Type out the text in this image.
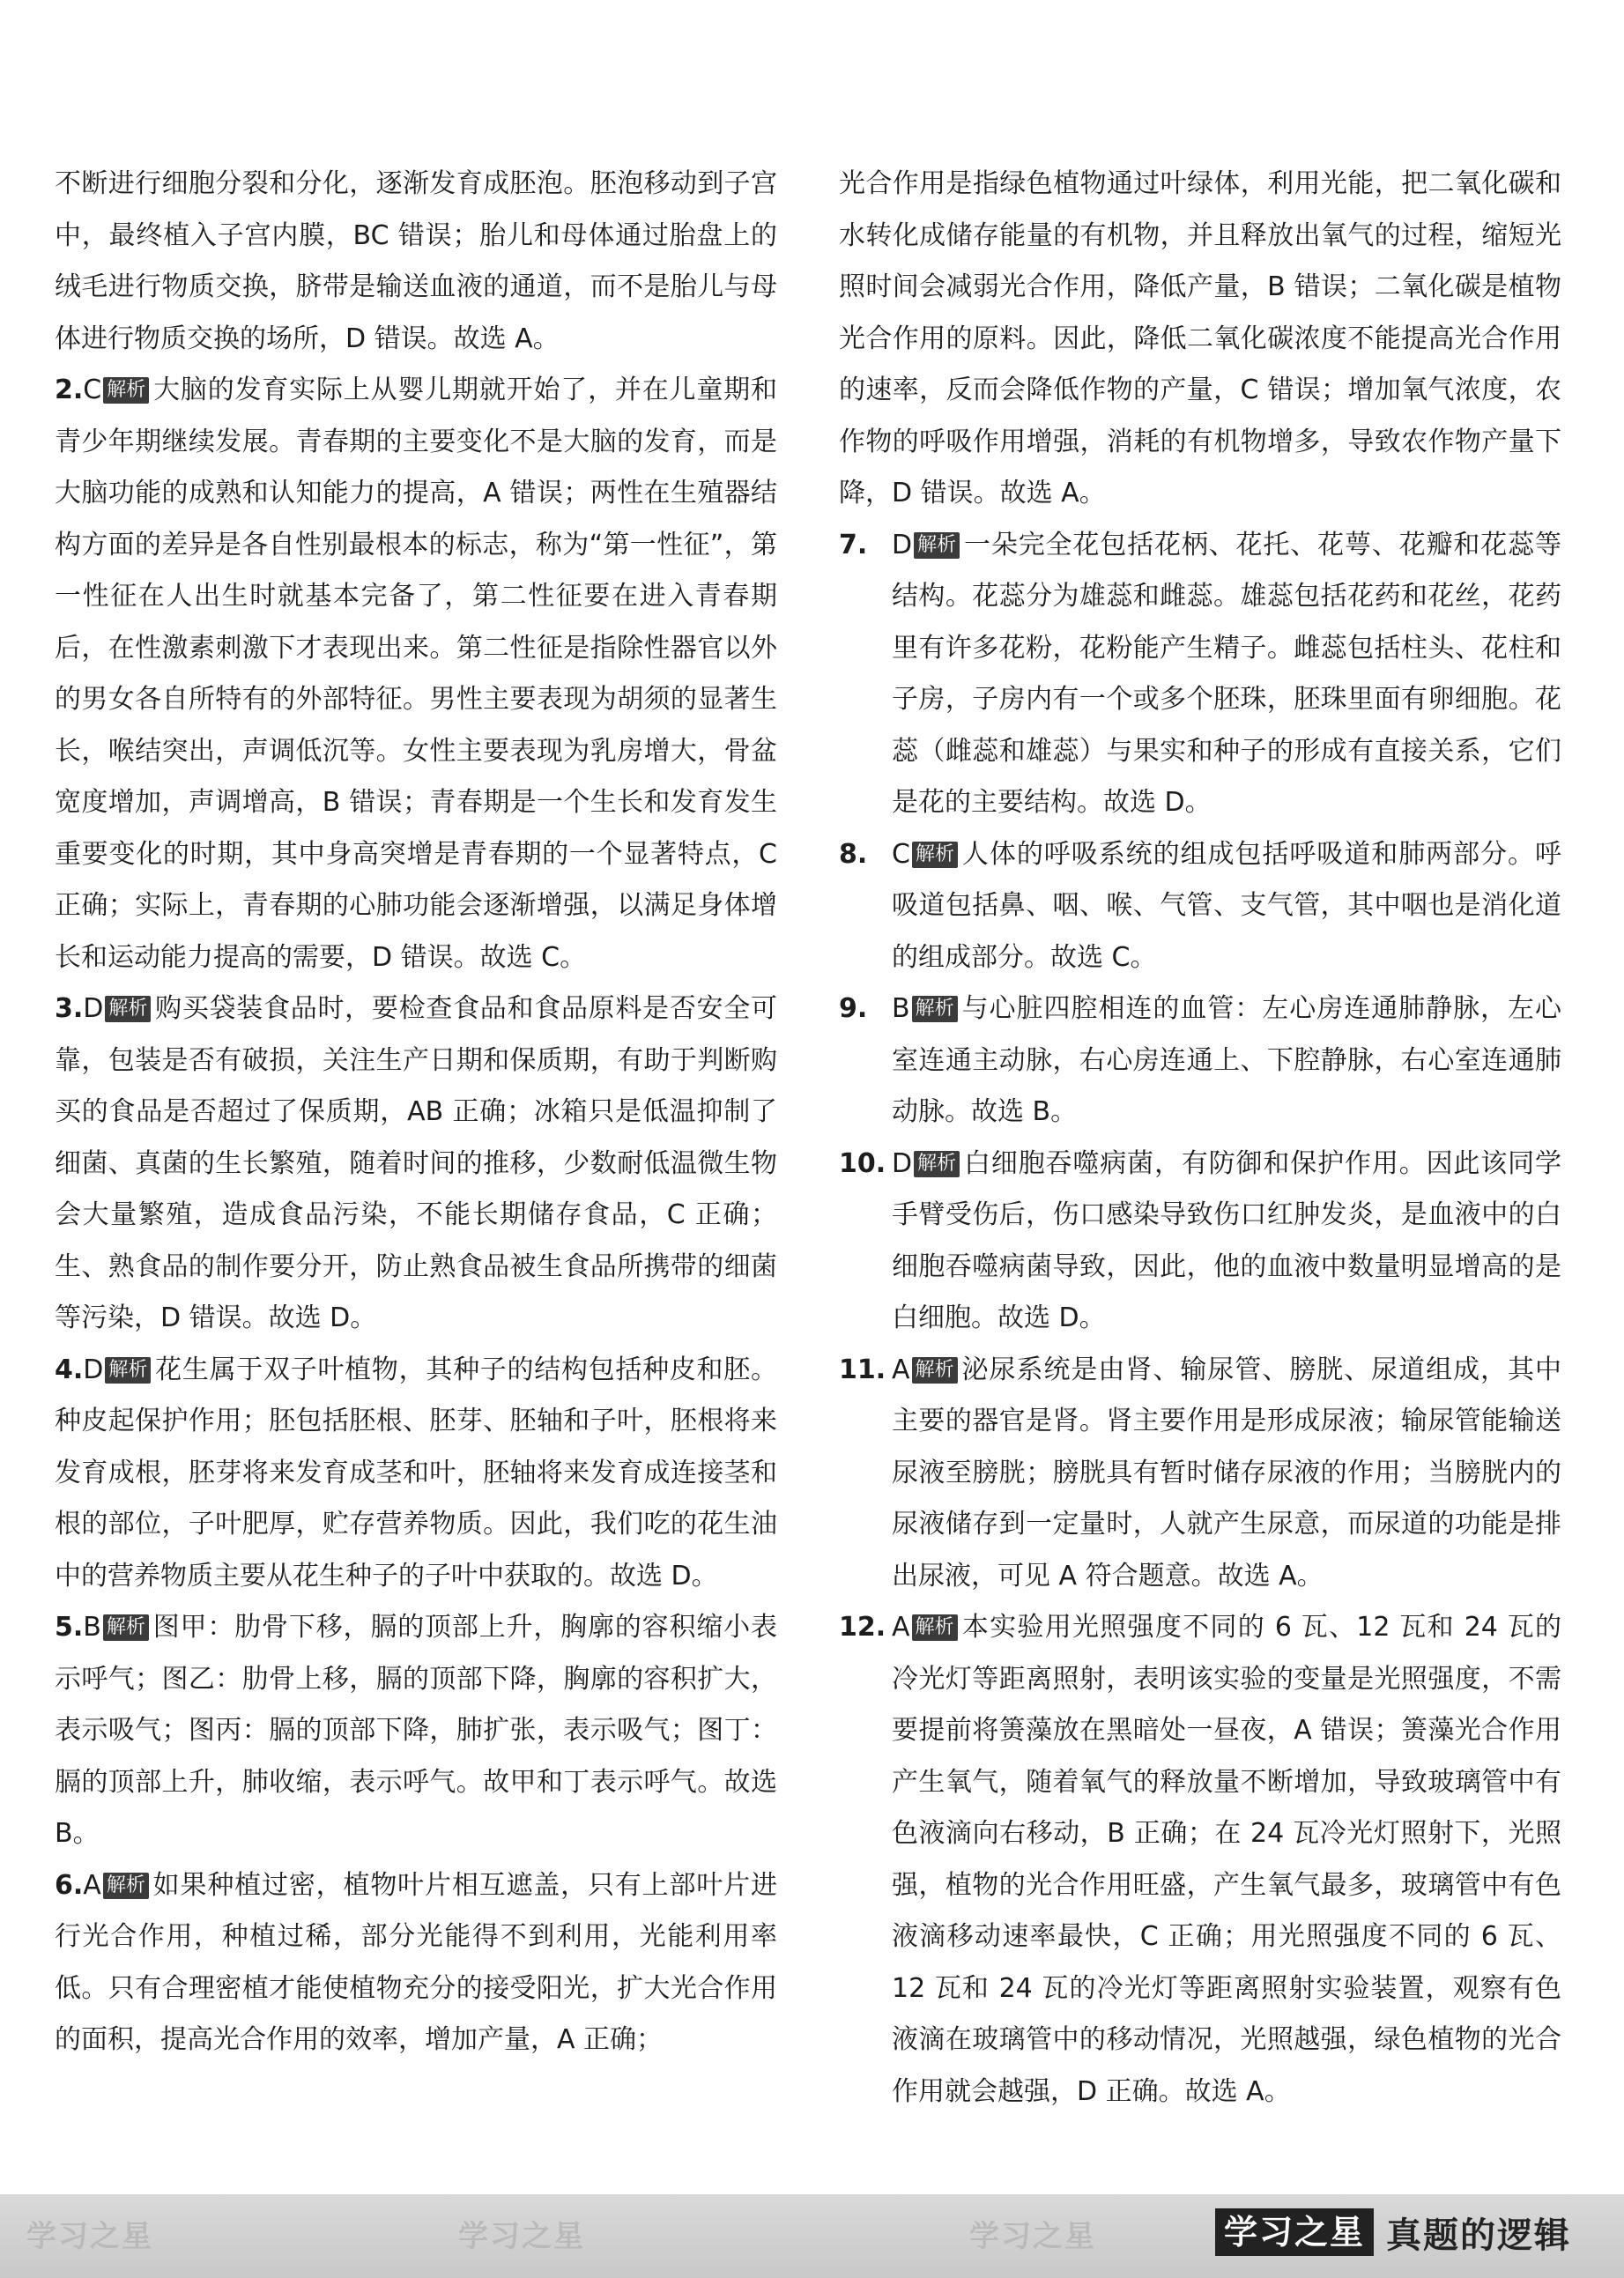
不断进行细胞分裂和分化，逐渐发育成胚泡。胚泡移动到子宫中，最终植入子宫内膜，BC 错误；胎儿和母体通过胎盘上的绒毛进行物质交换，脐带是输送血液的通道，而不是胎儿与母体进行物质交换的场所，D 错误。故选 A。
2.C 解析 大脑的发育实际上从婴儿期就开始了，并在儿童期和青少年期继续发展。青春期的主要变化不是大脑的发育，而是大脑功能的成熟和认知能力的提高，A 错误；两性在生殖器结构方面的差异是各自性别最根本的标志，称为“第一性征”，第一性征在人出生时就基本完备了，第二性征要在进入青春期后，在性激素刺激下才表现出来。第二性征是指除性器官以外的男女各自所特有的外部特征。男性主要表现为胡须的显著生长，喉结突出，声调低沉等。女性主要表现为乳房增大，骨盆宽度增加，声调增高，B 错误；青春期是一个生长和发育发生重要变化的时期，其中身高突增是青春期的一个显著特点，C 正确；实际上，青春期的心肺功能会逐渐增强，以满足身体增长和运动能力提高的需要，D 错误。故选 C。
3.D 解析 购买袋装食品时，要检查食品和食品原料是否安全可靠，包装是否有破损，关注生产日期和保质期，有助于判断购买的食品是否超过了保质期，AB 正确；冰箱只是低温抑制了细菌、真菌的生长繁殖，随着时间的推移，少数耐低温微生物会大量繁殖，造成食品污染，不能长期储存食品，C 正确；生、熟食品的制作要分开，防止熟食品被生食品所携带的细菌等污染，D 错误。故选 D。
4.D 解析 花生属于双子叶植物，其种子的结构包括种皮和胚。种皮起保护作用；胚包括胚根、胚芽、胚轴和子叶，胚根将来发育成根，胚芽将来发育成茎和叶，胚轴将来发育成连接茎和根的部位，子叶肥厚，贮存营养物质。因此，我们吃的花生油中的营养物质主要从花生种子的子叶中获取的。故选 D。
5.B 解析 图甲：肋骨下移，膈的顶部上升，胸廓的容积缩小表示呼气；图乙：肋骨上移，膈的顶部下降，胸廓的容积扩大，表示吸气；图丙：膈的顶部下降，肺扩张，表示吸气；图丁：膈的顶部上升，肺收缩，表示呼气。故甲和丁表示呼气。故选 B。
6.A 解析 如果种植过密，植物叶片相互遮盖，只有上部叶片进行光合作用，种植过稀，部分光能得不到利用，光能利用率低。只有合理密植才能使植物充分的接受阳光，扩大光合作用的面积，提高光合作用的效率，增加产量，A 正确；
光合作用是指绿色植物通过叶绿体，利用光能，把二氧化碳和水转化成储存能量的有机物，并且释放出氧气的过程，缩短光照时间会减弱光合作用，降低产量，B 错误；二氧化碳是植物光合作用的原料。因此，降低二氧化碳浓度不能提高光合作用的速率，反而会降低作物的产量，C 错误；增加氧气浓度，农作物的呼吸作用增强，消耗的有机物增多，导致农作物产量下降，D 错误。故选 A。
7. D 解析 一朵完全花包括花柄、花托、花萼、花瓣和花蕊等结构。花蕊分为雄蕊和雌蕊。雄蕊包括花药和花丝，花药里有许多花粉，花粉能产生精子。雌蕊包括柱头、花柱和子房，子房内有一个或多个胚珠，胚珠里面有卵细胞。花蕊（雌蕊和雄蕊）与果实和种子的形成有直接关系，它们是花的主要结构。故选 D。
8. C 解析 人体的呼吸系统的组成包括呼吸道和肺两部分。呼吸道包括鼻、咽、喉、气管、支气管，其中咽也是消化道的组成部分。故选 C。
9. B 解析 与心脏四腔相连的血管：左心房连通肺静脉，左心室连通主动脉，右心房连通上、下腔静脉，右心室连通肺动脉。故选 B。
10. D 解析 白细胞吞噬病菌，有防御和保护作用。因此该同学手臂受伤后，伤口感染导致伤口红肿发炎，是血液中的白细胞吞噬病菌导致，因此，他的血液中数量明显增高的是白细胞。故选 D。
11. A 解析 泌尿系统是由肾、输尿管、膀胱、尿道组成，其中主要的器官是肾。肾主要作用是形成尿液；输尿管能输送尿液至膀胱；膀胱具有暂时储存尿液的作用；当膀胱内的尿液储存到一定量时，人就产生尿意，而尿道的功能是排出尿液，可见 A 符合题意。故选 A。
12. A 解析 本实验用光照强度不同的 6 瓦、12 瓦和 24 瓦的冷光灯等距离照射，表明该实验的变量是光照强度，不需要提前将箦藻放在黑暗处一昼夜，A 错误；箦藻光合作用产生氧气，随着氧气的释放量不断增加，导致玻璃管中有色液滴向右移动，B 正确；在 24 瓦冷光灯照射下，光照强，植物的光合作用旺盛，产生氧气最多，玻璃管中有色液滴移动速率最快，C 正确；用光照强度不同的 6 瓦、12 瓦和 24 瓦的冷光灯等距离照射实验装置，观察有色液滴在玻璃管中的移动情况，光照越强，绿色植物的光合作用就会越强，D 正确。故选 A。
学习之星	学习之星	学习之星	学习之星 真题的逻辑
